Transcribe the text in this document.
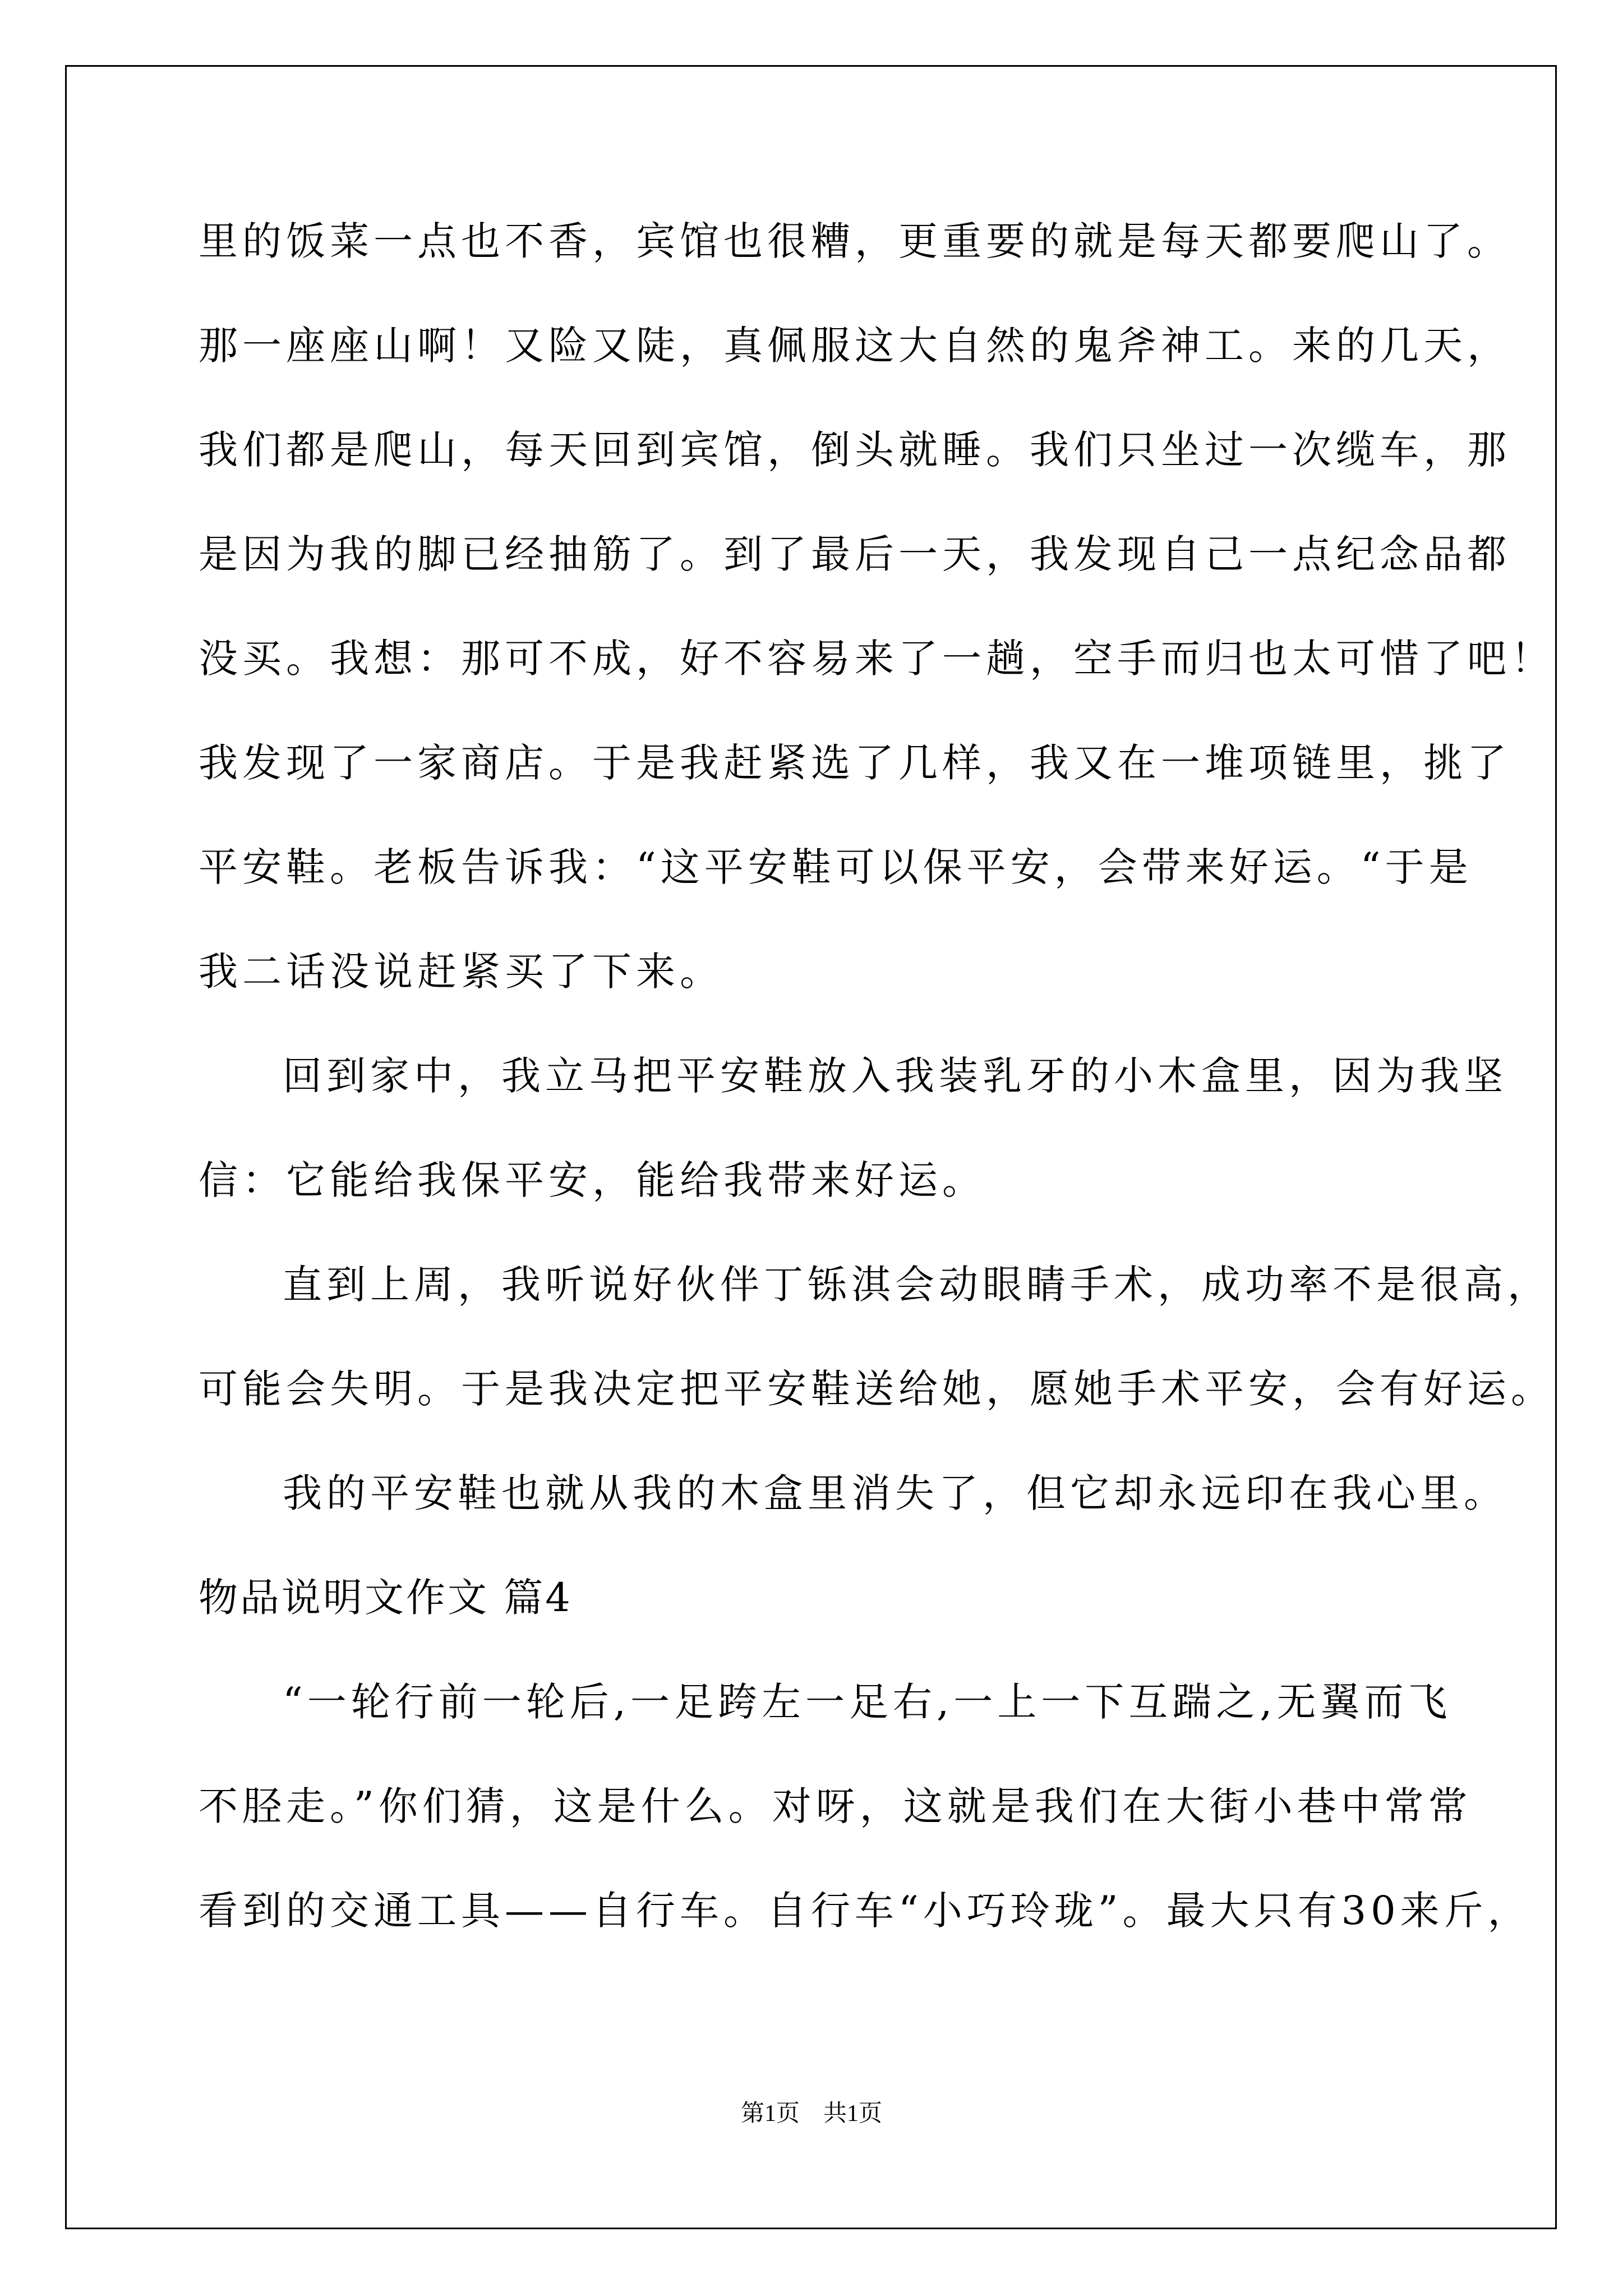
里的饭菜一点也不香，宾馆也很糟，更重要的就是每天都要爬山了。
那一座座山啊！又险又陡，真佩服这大自然的鬼斧神工。来的几天，
我们都是爬山，每天回到宾馆，倒头就睡。我们只坐过一次缆车，那
是因为我的脚已经抽筋了。到了最后一天，我发现自己一点纪念品都
没买。我想：那可不成，好不容易来了一趟，空手而归也太可惜了吧！
我发现了一家商店。于是我赶紧选了几样，我又在一堆项链里，挑了
平安鞋。老板告诉我：“这平安鞋可以保平安，会带来好运。“于是
我二话没说赶紧买了下来。
回到家中，我立马把平安鞋放入我装乳牙的小木盒里，因为我坚
信：它能给我保平安，能给我带来好运。
直到上周，我听说好伙伴丁铄淇会动眼睛手术，成功率不是很高，
可能会失明。于是我决定把平安鞋送给她，愿她手术平安，会有好运。
我的平安鞋也就从我的木盒里消失了，但它却永远印在我心里。
物品说明文作文 篇4
“一轮行前一轮后,一足跨左一足右,一上一下互踹之,无翼而飞
不胫走。”你们猜，这是什么。对呀，这就是我们在大街小巷中常常
看到的交通工具——自行车。自行车“小巧玲珑”。最大只有30来斤，
第1页　共1页
